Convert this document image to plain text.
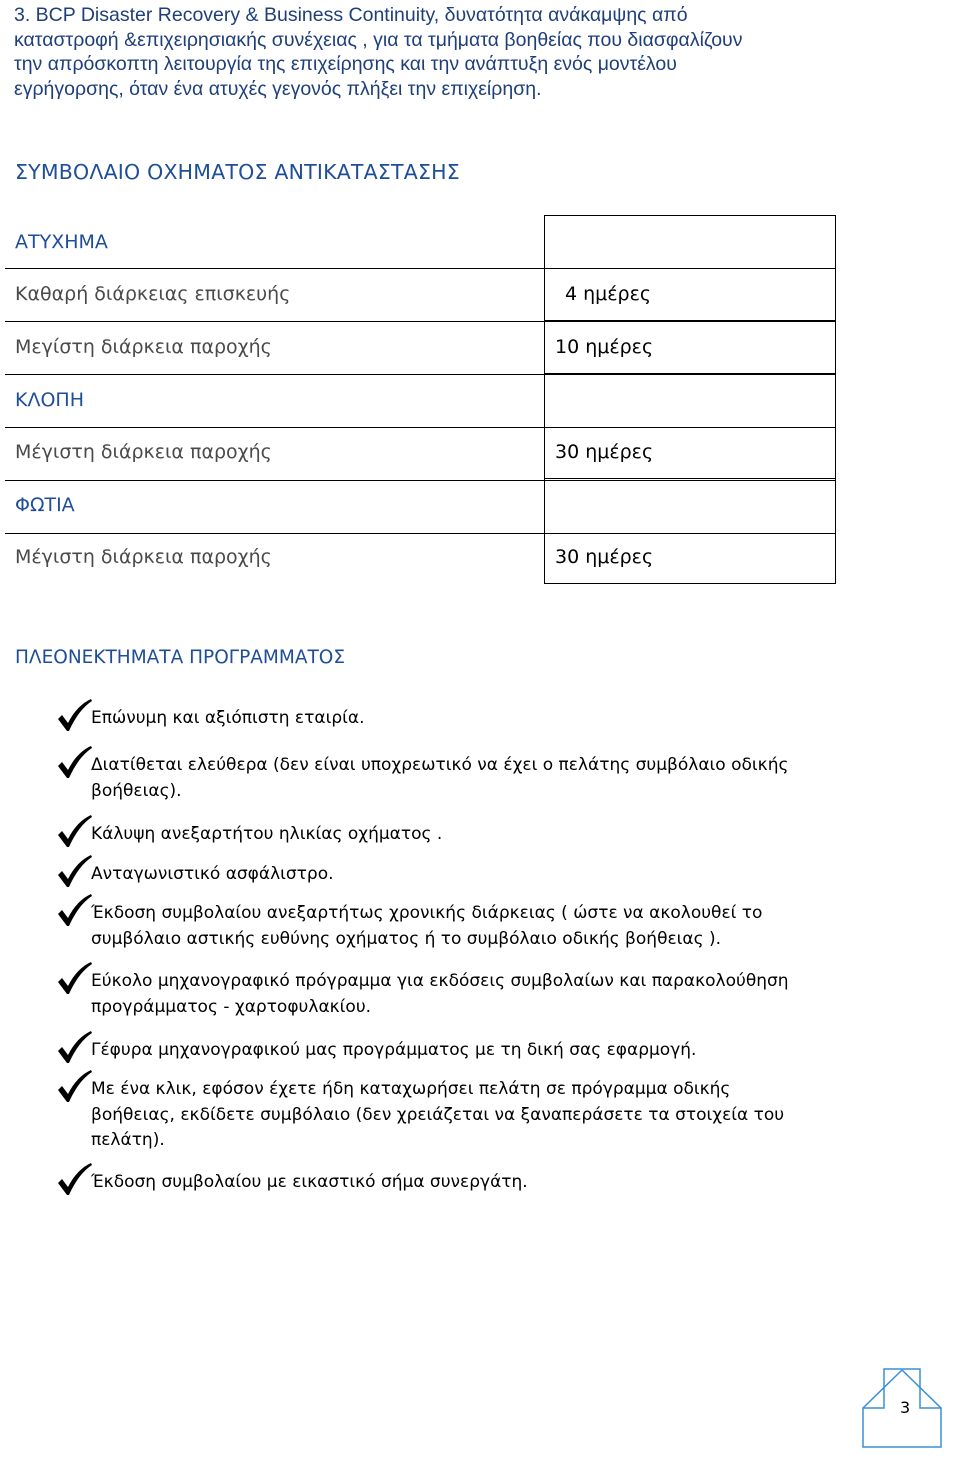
3. BCP Disaster Recovery & Business Continuity, δυνατότητα ανάκαμψης από
καταστροφή &επιχειρησιακής συνέχειας , για τα τμήματα βοηθείας που διασφαλίζουν
την απρόσκοπτη λειτουργία της επιχείρησης και την ανάπτυξη ενός μοντέλου
εγρήγορσης, όταν ένα ατυχές γεγονός πλήξει την επιχείρηση.
ΣΥΜΒΟΛΑΙΟ ΟΧΗΜΑΤΟΣ ΑΝΤΙΚΑΤΑΣΤΑΣΗΣ
ΑΤΥΧΗΜΑ	
Καθαρή διάρκειας επισκευής	4 ημέρες
Μεγίστη διάρκεια παροχής	10 ημέρες
ΚΛΟΠΗ	
Μέγιστη διάρκεια παροχής	30 ημέρες
ΦΩΤΙΑ	
Μέγιστη διάρκεια παροχής	30 ημέρες
ΠΛΕΟΝΕΚΤΗΜΑΤΑ ΠΡΟΓΡΑΜΜΑΤΟΣ
Επώνυμη και αξιόπιστη εταιρία.
Διατίθεται ελεύθερα (δεν είναι υποχρεωτικό να έχει ο πελάτης συμβόλαιο οδικής
βοήθειας).
Κάλυψη ανεξαρτήτου ηλικίας οχήματος .
Ανταγωνιστικό ασφάλιστρο.
Έκδοση συμβολαίου ανεξαρτήτως χρονικής διάρκειας ( ώστε να ακολουθεί το
συμβόλαιο αστικής ευθύνης οχήματος ή το συμβόλαιο οδικής βοήθειας ).
Εύκολο μηχανογραφικό πρόγραμμα για εκδόσεις συμβολαίων και παρακολούθηση
προγράμματος - χαρτοφυλακίου.
Γέφυρα μηχανογραφικού μας προγράμματος με τη δική σας εφαρμογή.
Με ένα κλικ, εφόσον έχετε ήδη καταχωρήσει πελάτη σε πρόγραμμα οδικής
βοήθειας, εκδίδετε συμβόλαιο (δεν χρειάζεται να ξαναπεράσετε τα στοιχεία του
πελάτη).
Έκδοση συμβολαίου με εικαστικό σήμα συνεργάτη.
3
